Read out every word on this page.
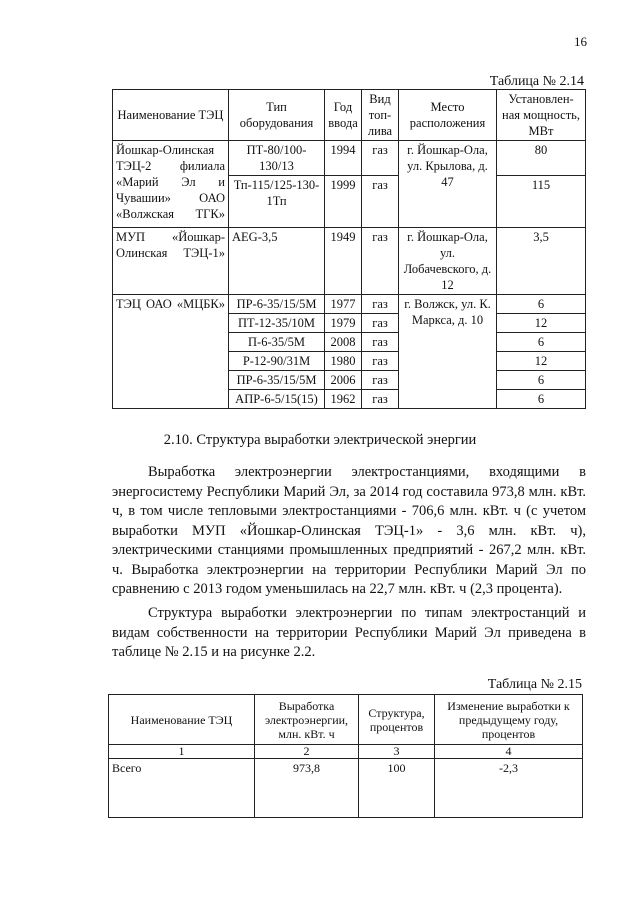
16
Таблица № 2.14
Наименование ТЭЦ	Тип оборудования	Год ввода	Вид топ-лива	Место расположения	Установлен-ная мощность, МВт
Йошкар-Олинская ТЭЦ-2 филиала «Марий Эл и Чувашии» ОАО «Волжская ТГК»	ПТ-80/100-130/13	1994	газ	г. Йошкар-Ола, ул. Крылова, д. 47	80
	Тп-115/125-130-1Тп	1999	газ		115
МУП «Йошкар-Олинская ТЭЦ-1»	AEG-3,5	1949	газ	г. Йошкар-Ола, ул. Лобачевского, д. 12	3,5
ТЭЦ ОАО «МЦБК»	ПР-6-35/15/5М	1977	газ	г. Волжск, ул. К. Маркса, д. 10	6
	ПТ-12-35/10М	1979	газ		12
	П-6-35/5М	2008	газ		6
	Р-12-90/31М	1980	газ		12
	ПР-6-35/15/5М	2006	газ		6
	АПР-6-5/15(15)	1962	газ		6
2.10. Структура выработки электрической энергии

Выработка электроэнергии электростанциями, входящими в энергосистему Республики Марий Эл, за 2014 год составила 973,8 млн. кВт. ч, в том числе тепловыми электростанциями - 706,6 млн. кВт. ч (с учетом выработки МУП «Йошкар-Олинская ТЭЦ-1» - 3,6 млн. кВт. ч), электрическими станциями промышленных предприятий - 267,2 млн. кВт. ч. Выработка электроэнергии на территории Республики Марий Эл по сравнению с 2013 годом уменьшилась на 22,7 млн. кВт. ч (2,3 процента).

Структура выработки электроэнергии по типам электростанций и видам собственности на территории Республики Марий Эл приведена в таблице № 2.15 и на рисунке 2.2.

Таблица № 2.15
Наименование ТЭЦ	Выработка электроэнергии, млн. кВт. ч	Структура, процентов	Изменение выработки к предыдущему году, процентов
1	2	3	4
Всего	973,8	100	-2,3
